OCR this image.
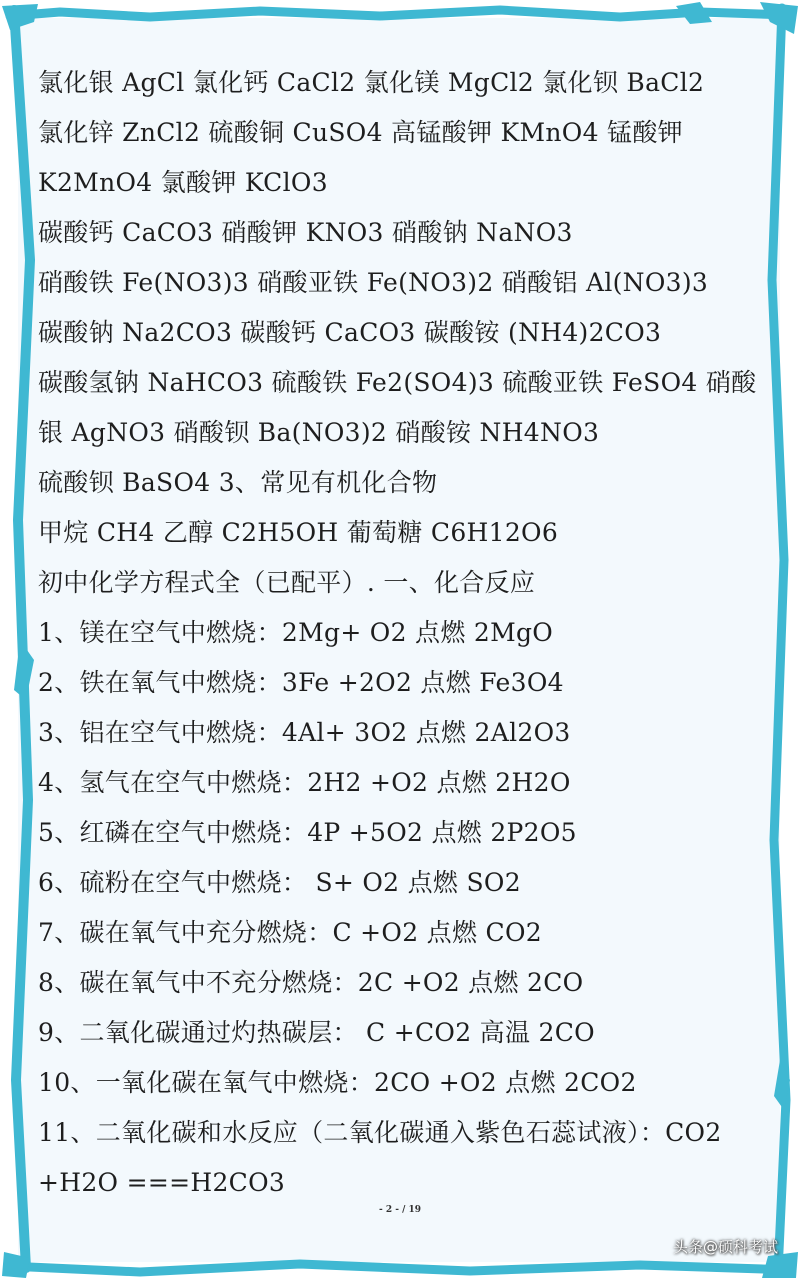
氯化银 AgCl 氯化钙 CaCl2 氯化镁 MgCl2 氯化钡 BaCl2
氯化锌 ZnCl2 硫酸铜 CuSO4 高锰酸钾 KMnO4 锰酸钾
K2MnO4 氯酸钾 KClO3
碳酸钙 CaCO3 硝酸钾 KNO3 硝酸钠 NaNO3
硝酸铁 Fe(NO3)3 硝酸亚铁 Fe(NO3)2 硝酸铝 Al(NO3)3
碳酸钠 Na2CO3 碳酸钙 CaCO3 碳酸铵 (NH4)2CO3
碳酸氢钠 NaHCO3 硫酸铁 Fe2(SO4)3 硫酸亚铁 FeSO4 硝酸
银 AgNO3 硝酸钡 Ba(NO3)2 硝酸铵 NH4NO3
硫酸钡 BaSO4 3、常见有机化合物
甲烷 CH4 乙醇 C2H5OH 葡萄糖 C6H12O6
初中化学方程式全（已配平）. 一、化合反应
1、镁在空气中燃烧：2Mg+ O2 点燃 2MgO
2、铁在氧气中燃烧：3Fe +2O2 点燃 Fe3O4
3、铝在空气中燃烧：4Al+ 3O2 点燃 2Al2O3
4、氢气在空气中燃烧：2H2 +O2 点燃 2H2O
5、红磷在空气中燃烧：4P +5O2 点燃 2P2O5
6、硫粉在空气中燃烧： S+ O2 点燃 SO2
7、碳在氧气中充分燃烧：C +O2 点燃 CO2
8、碳在氧气中不充分燃烧：2C +O2 点燃 2CO
9、二氧化碳通过灼热碳层： C +CO2 高温 2CO
10、一氧化碳在氧气中燃烧：2CO +O2 点燃 2CO2
11、二氧化碳和水反应（二氧化碳通入紫色石蕊试液）：CO2
+H2O ===H2CO3
- 2 - / 19
头条@硕科考试
